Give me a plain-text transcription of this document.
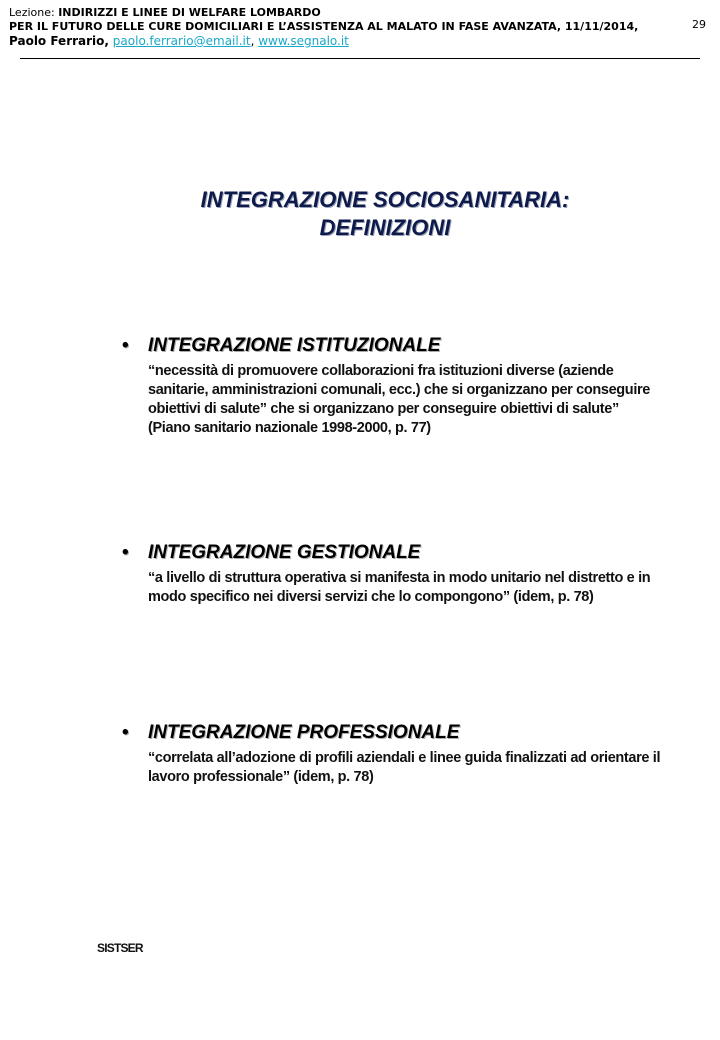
Lezione: INDIRIZZI E LINEE DI WELFARE LOMBARDO
PER IL FUTURO DELLE CURE DOMICILIARI E L’ASSISTENZA AL MALATO IN FASE AVANZATA, 11/11/2014,
Paolo Ferrario, paolo.ferrario@email.it, www.segnalo.it
29
INTEGRAZIONE SOCIOSANITARIA:
DEFINIZIONI
• INTEGRAZIONE ISTITUZIONALE
“necessità di promuovere collaborazioni fra istituzioni diverse (aziende sanitarie, amministrazioni comunali, ecc.) che si organizzano per conseguire obiettivi di salute” che si organizzano per conseguire obiettivi di salute” (Piano sanitario nazionale 1998-2000, p. 77)
• INTEGRAZIONE GESTIONALE
“a livello di struttura operativa si manifesta in modo unitario nel distretto e in modo specifico nei diversi servizi che lo compongono” (idem, p. 78)
• INTEGRAZIONE PROFESSIONALE
“correlata all’adozione di profili aziendali e linee guida finalizzati ad orientare il lavoro professionale” (idem, p. 78)
SISTSER
